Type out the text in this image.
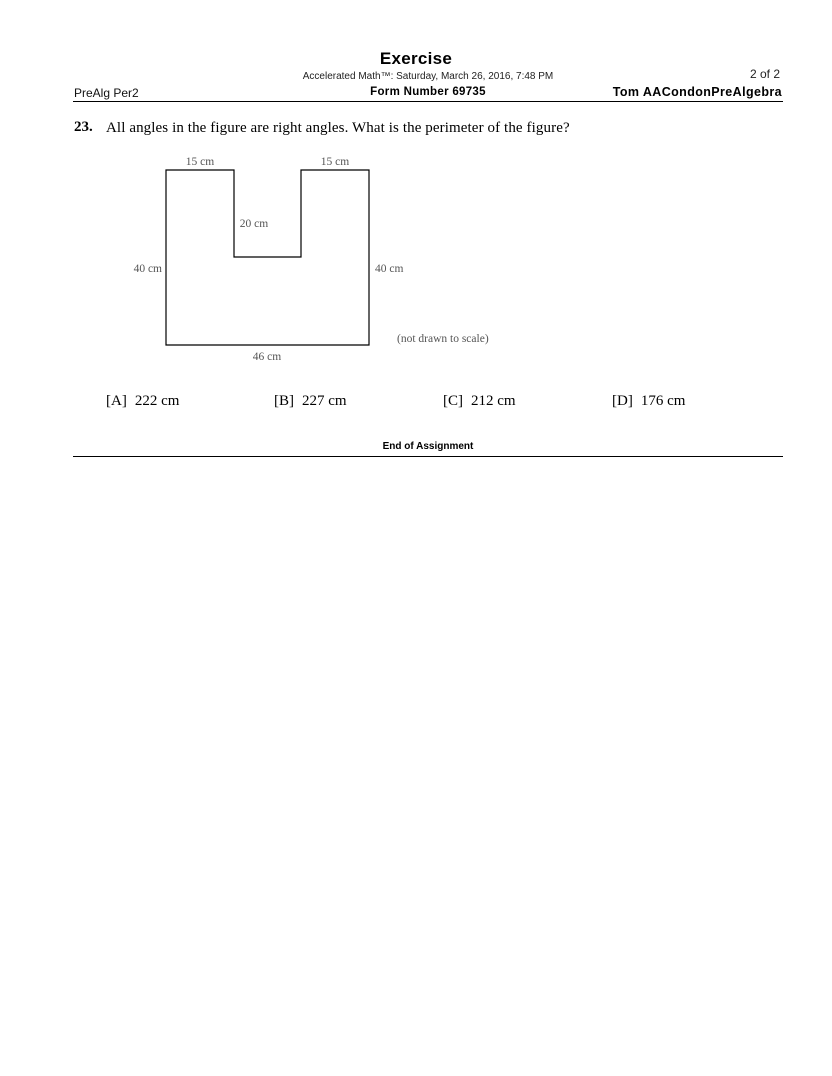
Exercise
Accelerated Math™: Saturday, March 26, 2016, 7:48 PM	2 of 2
PreAlg Per2	Form Number 69735	Tom AACondonPreAlgebra
23. All angles in the figure are right angles. What is the perimeter of the figure?
15 cm	15 cm
20 cm
40 cm	40 cm
46 cm
(not drawn to scale)
[A] 222 cm	[B] 227 cm	[C] 212 cm	[D] 176 cm
End of Assignment
